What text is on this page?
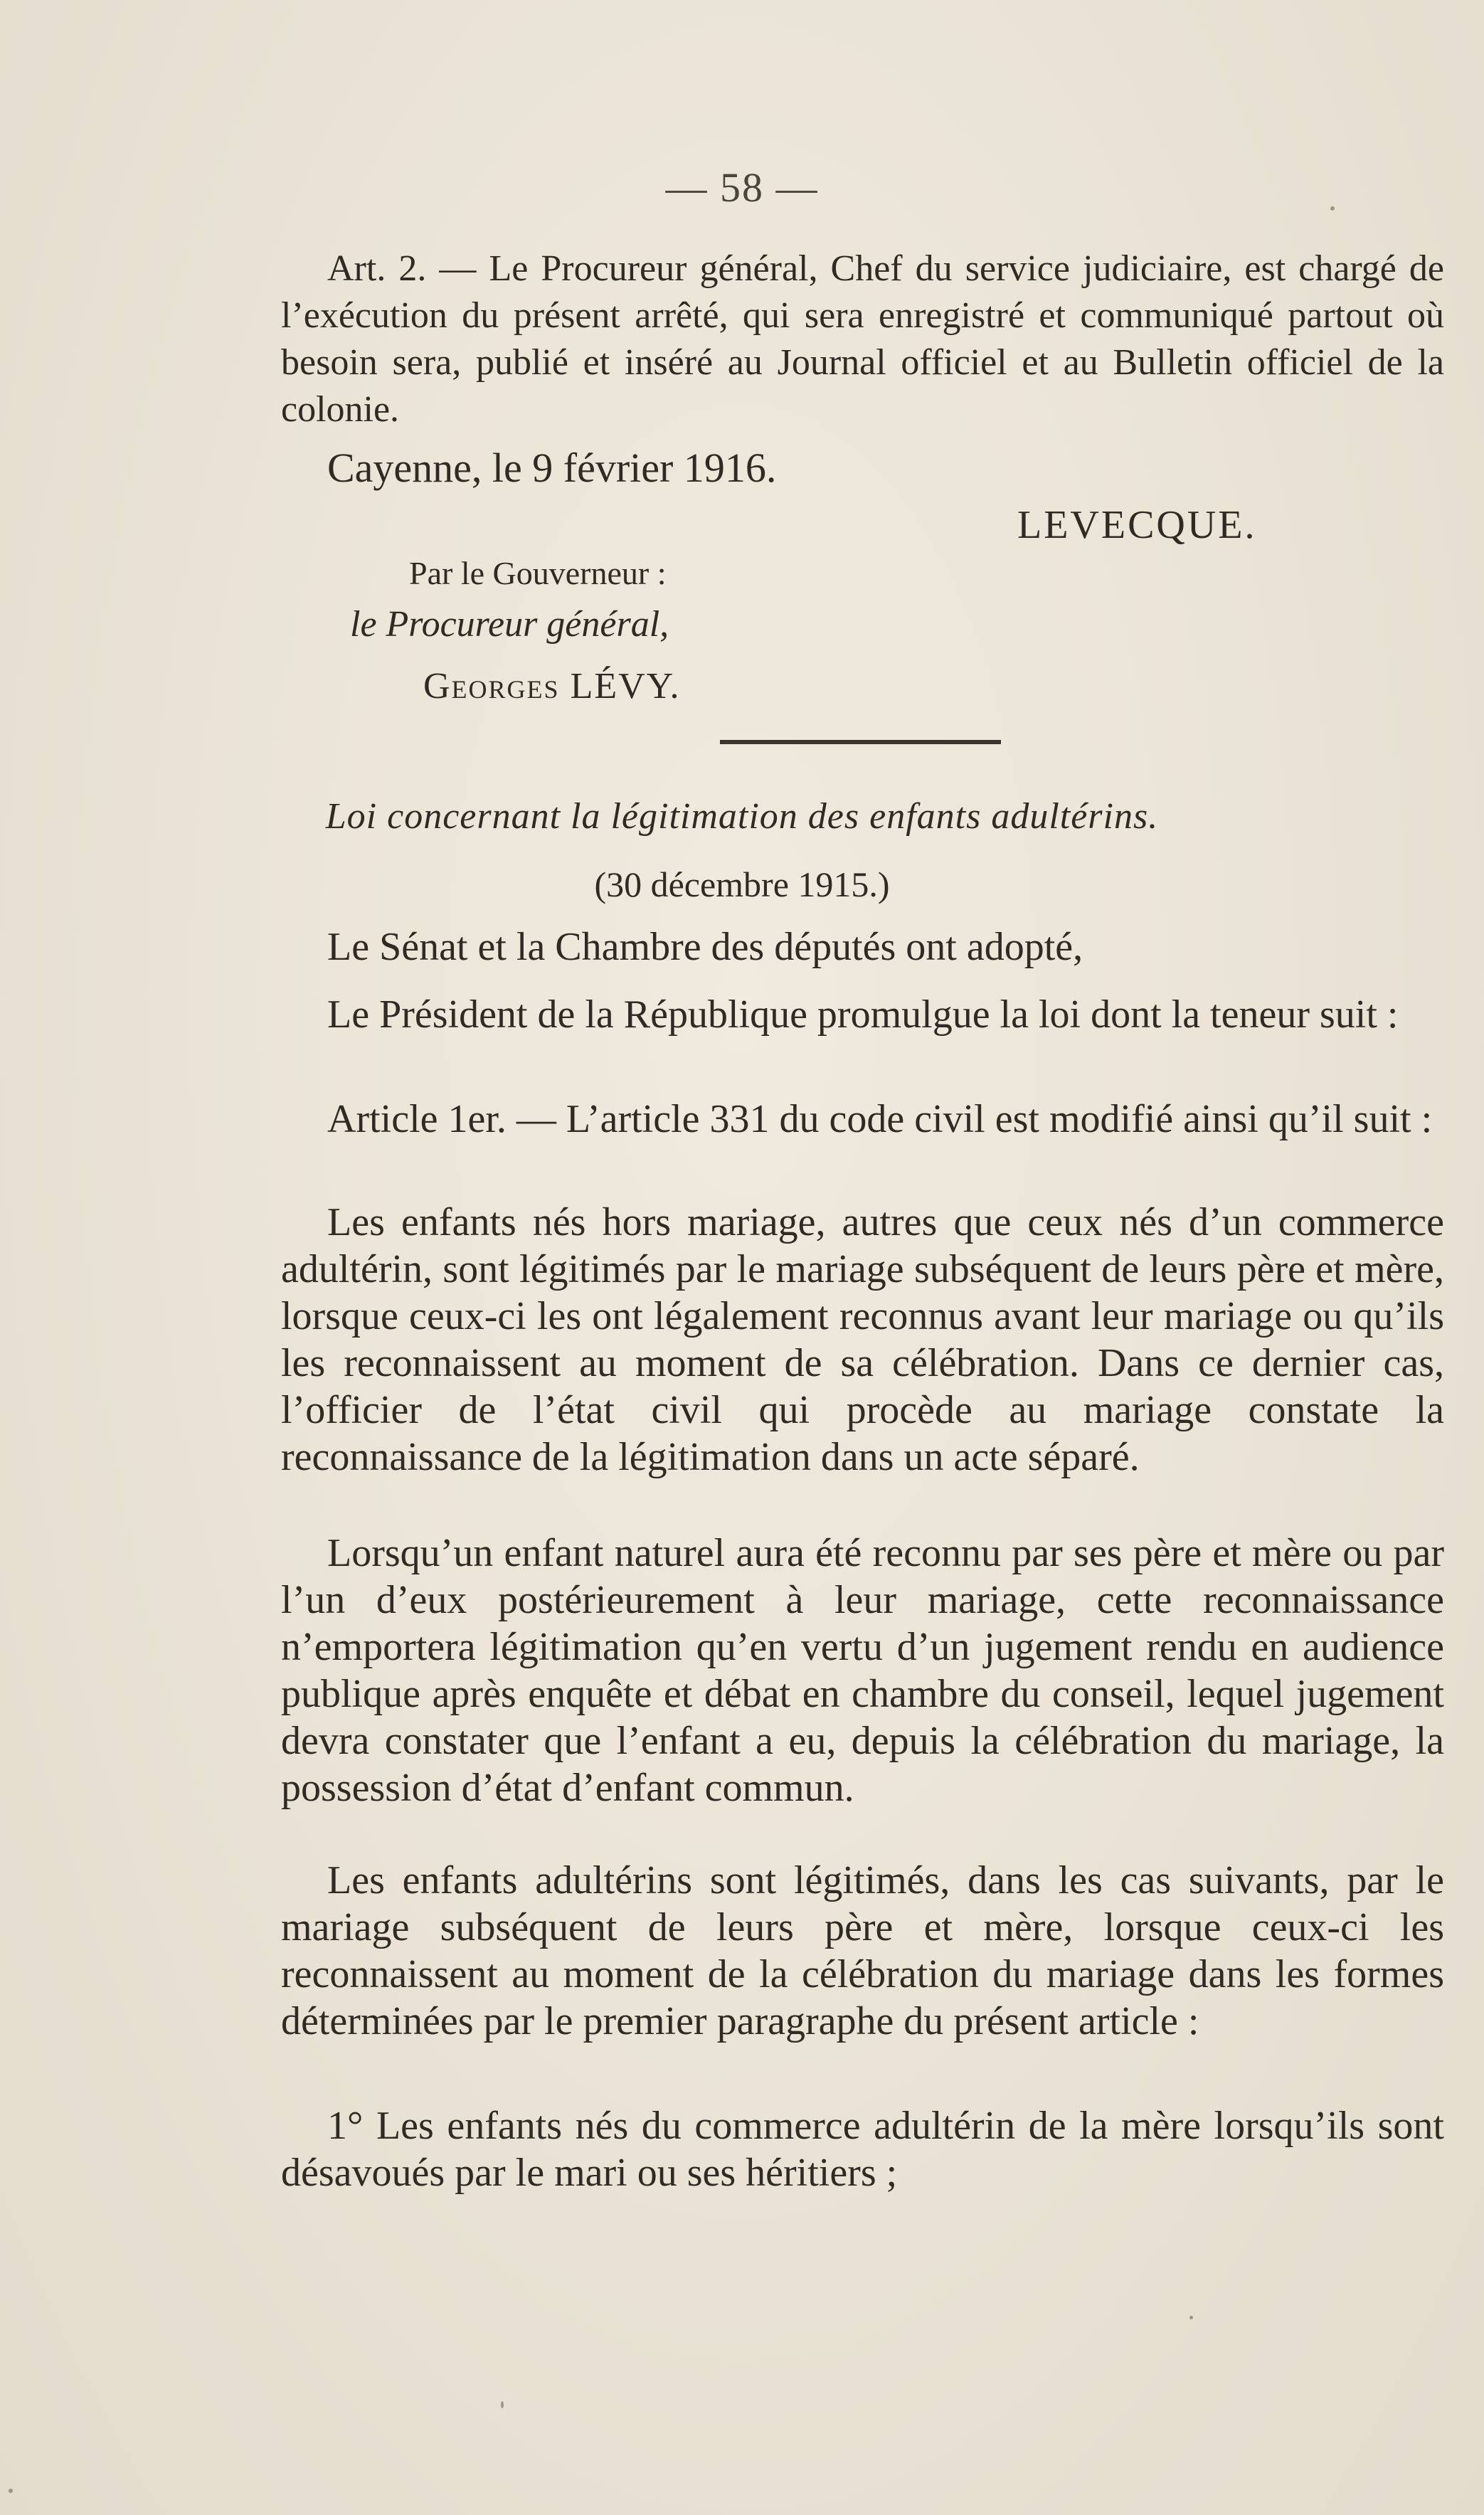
— 58 —
Art. 2. — Le Procureur général, Chef du service judiciaire, est chargé de l’exécution du présent arrêté, qui sera enregistré et communiqué partout où besoin sera, publié et inséré au Journal officiel et au Bulletin officiel de la colonie.
Cayenne, le 9 février 1916.
LEVECQUE.
Par le Gouverneur :
le Procureur général,
Georges LÉVY.
Loi concernant la légitimation des enfants adultérins.
(30 décembre 1915.)
Le Sénat et la Chambre des députés ont adopté,
Le Président de la République promulgue la loi dont la teneur suit :
Article 1er. — L’article 331 du code civil est modifié ainsi qu’il suit :
Les enfants nés hors mariage, autres que ceux nés d’un commerce adultérin, sont légitimés par le mariage subséquent de leurs père et mère, lorsque ceux-ci les ont légalement reconnus avant leur mariage ou qu’ils les reconnaissent au moment de sa célébration. Dans ce dernier cas, l’officier de l’état civil qui procède au mariage constate la reconnaissance de la légitimation dans un acte séparé.
Lorsqu’un enfant naturel aura été reconnu par ses père et mère ou par l’un d’eux postérieurement à leur mariage, cette reconnaissance n’emportera légitimation qu’en vertu d’un jugement rendu en audience publique après enquête et débat en chambre du conseil, lequel jugement devra constater que l’enfant a eu, depuis la célébration du mariage, la possession d’état d’enfant commun.
Les enfants adultérins sont légitimés, dans les cas suivants, par le mariage subséquent de leurs père et mère, lorsque ceux-ci les reconnaissent au moment de la célébration du mariage dans les formes déterminées par le premier paragraphe du présent article :
1° Les enfants nés du commerce adultérin de la mère lorsqu’ils sont désavoués par le mari ou ses héritiers ;
